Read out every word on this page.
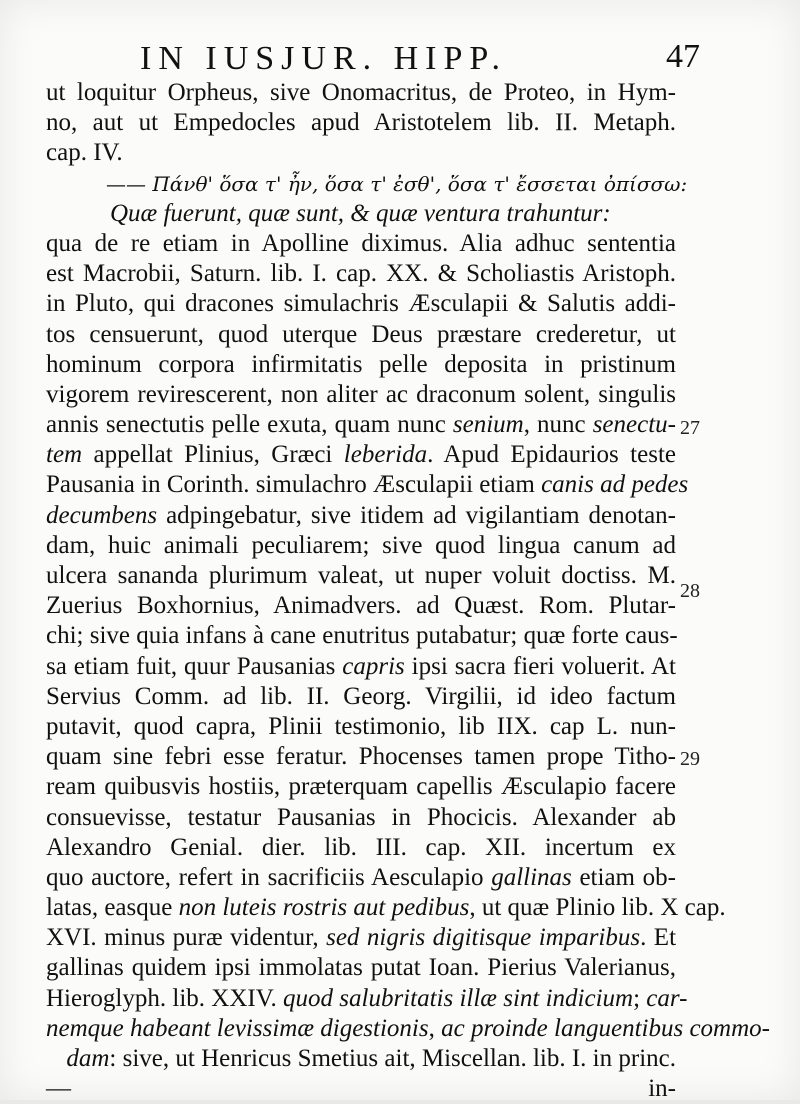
IN IUSJUR. HIPP.	47
ut loquitur Orpheus, sive Onomacritus, de Proteo, in Hym-
no, aut ut Empedocles apud Aristotelem lib. ΙΙ. Metaph.
cap. IV.
—— Πάνθ' ὅσα τ' ἦν, ὅσα τ' ἐσθ', ὅσα τ' ἔσσεται ὀπίσσω:
Quæ fuerunt, quæ sunt, & quæ ventura trahuntur:
qua de re etiam in Apolline diximus. Alia adhuc sententia
est Macrobii, Saturn. lib. I. cap. XX. & Scholiastis Aristoph.
in Pluto, qui dracones simulachris Æsculapii & Salutis addi-
tos censuerunt, quod uterque Deus præstare crederetur, ut
hominum corpora infirmitatis pelle deposita in pristinum
vigorem revirescerent, non aliter ac draconum solent, singulis
annis senectutis pelle exuta, quam nunc senium, nunc senectu-
tem appellat Plinius, Græci leberida. Apud Epidaurios teste
Pausania in Corinth. simulachro Æsculapii etiam canis ad pedes
decumbens adpingebatur, sive itidem ad vigilantiam denotan-
dam, huic animali peculiarem; sive quod lingua canum ad
ulcera sananda plurimum valeat, ut nuper voluit doctiss. M.
Zuerius Boxhornius, Animadvers. ad Quæst. Rom. Plutar-
chi; sive quia infans à cane enutritus putabatur; quæ forte caus-
sa etiam fuit, quur Pausanias capris ipsi sacra fieri voluerit. At
Servius Comm. ad lib. II. Georg. Virgilii, id ideo factum
putavit, quod capra, Plinii testimonio, lib IIX. cap L. nun-
quam sine febri esse feratur. Phocenses tamen prope Titho-
ream quibusvis hostiis, præterquam capellis Æsculapio facere
consuevisse, testatur Pausanias in Phocicis. Alexander ab
Alexandro Genial. dier. lib. III. cap. XII. incertum ex
quo auctore, refert in sacrificiis Aesculapio gallinas etiam ob-
latas, easque non luteis rostris aut pedibus, ut quæ Plinio lib. X cap.
XVI. minus puræ videntur, sed nigris digitisque imparibus. Et
gallinas quidem ipsi immolatas putat Ioan. Pierius Valerianus,
Hieroglyph. lib. XXIV. quod salubritatis illæ sint indicium; car-
nemque habeant levissimæ digestionis, ac proinde languentibus commo-
dam: sive, ut Henricus Smetius ait, Miscellan. lib. I. in princ.
— in-
27
28
29
